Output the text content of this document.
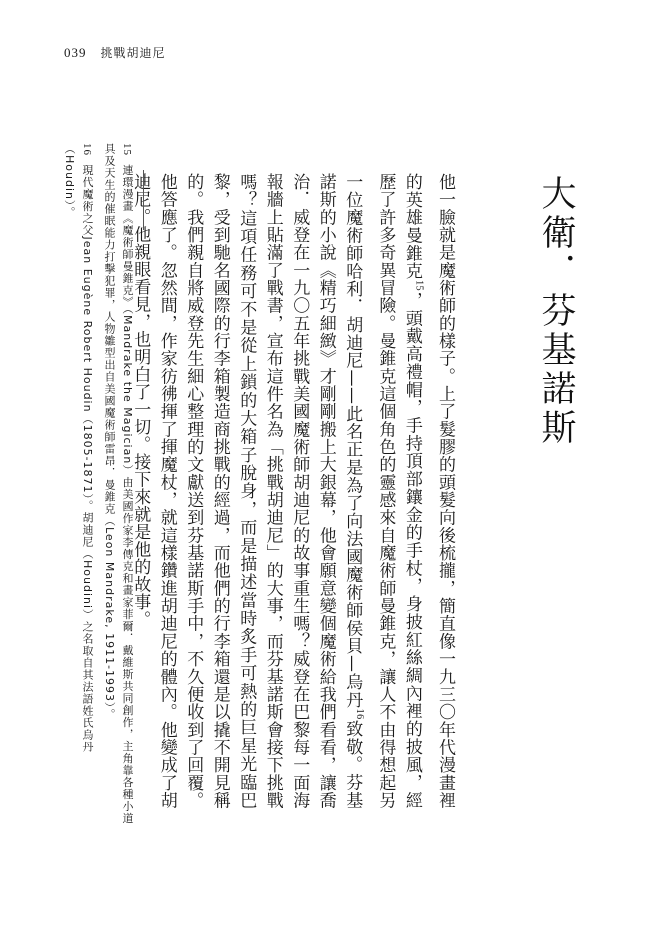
039 挑戰胡迪尼
大衛．芬基諾斯
他一臉就是魔術師的樣子。上了髮膠的頭髮向後梳攏，簡直像一九三〇年代漫畫裡的英雄曼錐克$^{15}$，頭戴高禮帽，手持頂部鑲金的手杖，身披紅絲綢內裡的披風，經歷了許多奇異冒險。曼錐克這個角色的靈感來自魔術師曼錐克，讓人不由得想起另一位魔術師哈利．胡迪尼——此名正是為了向法國魔術師侯貝—烏丹$^{16}$致敬。芬基諾斯的小說《精巧細緻》才剛剛搬上大銀幕，他會願意變個魔術給我們看看，讓喬治．威登在一九〇五年挑戰美國魔術師胡迪尼的故事重生嗎？威登在巴黎每一面海報牆上貼滿了戰書，宣布這件名為「挑戰胡迪尼」的大事，而芬基諾斯會接下挑戰嗎？這項任務可不是從上鎖的大箱子脫身，而是描述當時炙手可熱的巨星光臨巴黎，受到馳名國際的行李箱製造商挑戰的經過，而他們的行李箱還是以撬不開見稱的。我們親自將威登先生細心整理的文獻送到芬基諾斯手中，不久便收到了回覆。他答應了。忽然間，作家彷彿揮了揮魔杖，就這樣鑽進胡迪尼的體內。他變成了胡迪尼。他親眼看見，也明白了一切。接下來就是他的故事。
15 連環漫畫《魔術師曼錐克》（Mandrake the Magician）由美國作家李傳克和畫家菲爾．戴維斯共同創作，主角靠各種小道具及天生的催眠能力打擊犯罪，人物雛型出自美國魔術師雷昂．曼錐克（Leon Mandrake, 1911-1993）。
16 現代魔術之父Jean Eugène Robert Houdin（1805-1871）。胡迪尼（Houdini）之名取自其法語姓氏烏丹（Houdin）。
